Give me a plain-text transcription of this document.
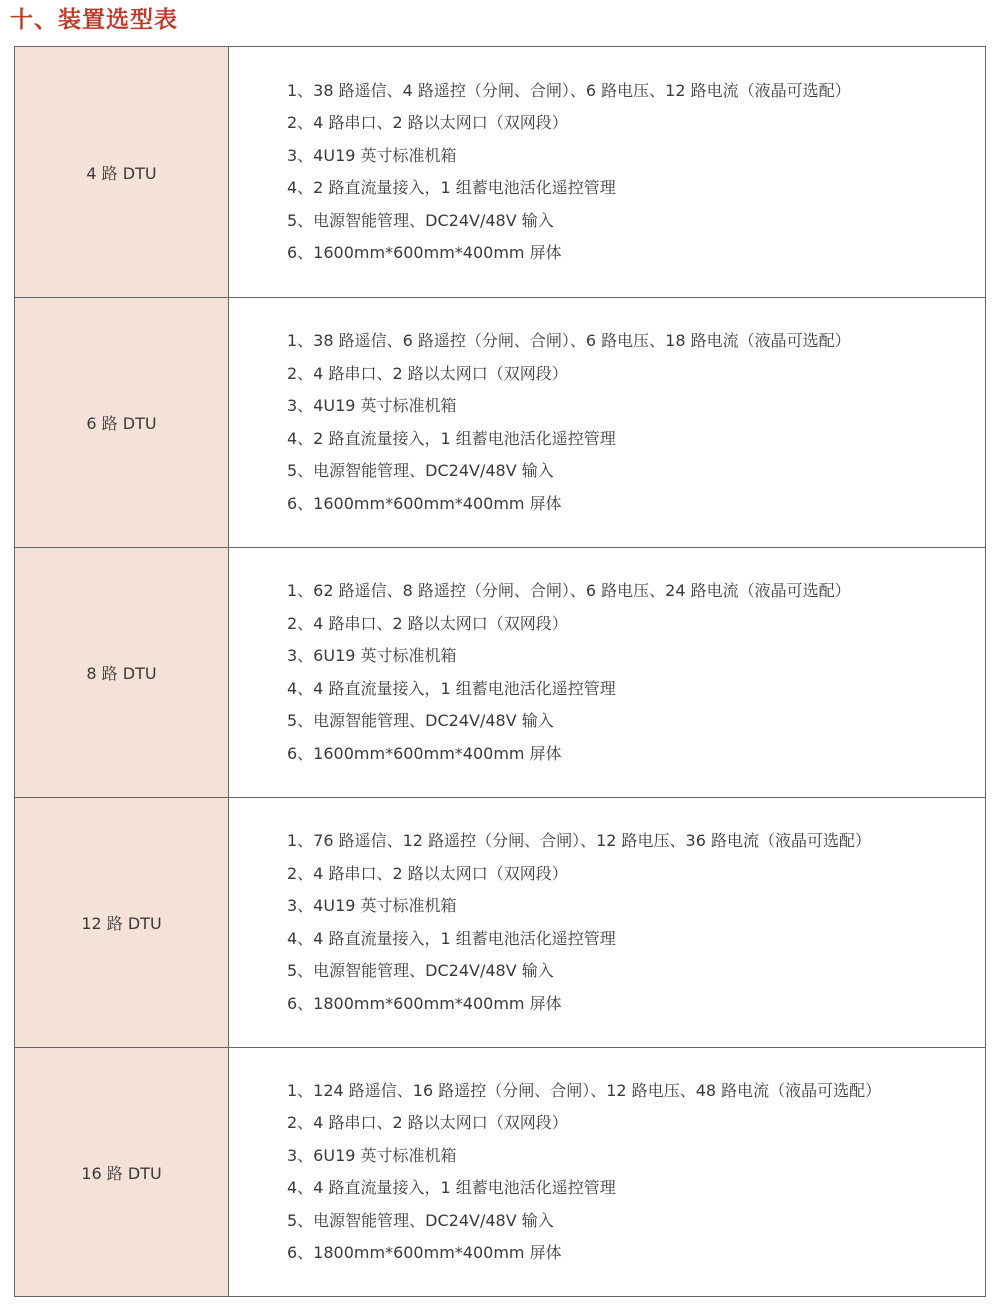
十、装置选型表
4 路 DTU
1、38 路遥信、4 路遥控（分闸、合闸）、6 路电压、12 路电流（液晶可选配）
2、4 路串口、2 路以太网口（双网段）
3、4U19 英寸标准机箱
4、2 路直流量接入，1 组蓄电池活化遥控管理
5、电源智能管理、DC24V/48V 输入
6、1600mm*600mm*400mm 屏体
6 路 DTU
1、38 路遥信、6 路遥控（分闸、合闸）、6 路电压、18 路电流（液晶可选配）
2、4 路串口、2 路以太网口（双网段）
3、4U19 英寸标准机箱
4、2 路直流量接入，1 组蓄电池活化遥控管理
5、电源智能管理、DC24V/48V 输入
6、1600mm*600mm*400mm 屏体
8 路 DTU
1、62 路遥信、8 路遥控（分闸、合闸）、6 路电压、24 路电流（液晶可选配）
2、4 路串口、2 路以太网口（双网段）
3、6U19 英寸标准机箱
4、4 路直流量接入，1 组蓄电池活化遥控管理
5、电源智能管理、DC24V/48V 输入
6、1600mm*600mm*400mm 屏体
12 路 DTU
1、76 路遥信、12 路遥控（分闸、合闸）、12 路电压、36 路电流（液晶可选配）
2、4 路串口、2 路以太网口（双网段）
3、4U19 英寸标准机箱
4、4 路直流量接入，1 组蓄电池活化遥控管理
5、电源智能管理、DC24V/48V 输入
6、1800mm*600mm*400mm 屏体
16 路 DTU
1、124 路遥信、16 路遥控（分闸、合闸）、12 路电压、48 路电流（液晶可选配）
2、4 路串口、2 路以太网口（双网段）
3、6U19 英寸标准机箱
4、4 路直流量接入，1 组蓄电池活化遥控管理
5、电源智能管理、DC24V/48V 输入
6、1800mm*600mm*400mm 屏体
